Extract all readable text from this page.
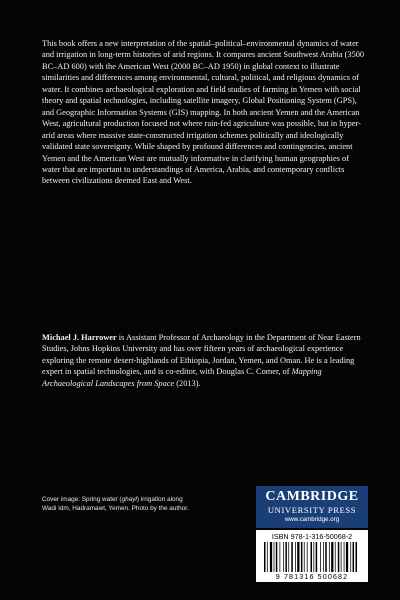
This book offers a new interpretation of the spatial–political–environmental dynamics of water and irrigation in long-term histories of arid regions. It compares ancient Southwest Arabia (3500 BC–AD 600) with the American West (2000 BC–AD 1950) in global context to illustrate similarities and differences among environmental, cultural, political, and religious dynamics of water. It combines archaeological exploration and field studies of farming in Yemen with social theory and spatial technologies, including satellite imagery, Global Positioning System (GPS), and Geographic Information Systems (GIS) mapping. In both ancient Yemen and the American West, agricultural production focused not where rain-fed agriculture was possible, but in hyper-arid areas where massive state-constructed irrigation schemes politically and ideologically validated state sovereignty. While shaped by profound differences and contingencies, ancient Yemen and the American West are mutually informative in clarifying human geographies of water that are important to understandings of America, Arabia, and contemporary conflicts between civilizations deemed East and West.

Michael J. Harrower is Assistant Professor of Archaeology in the Department of Near Eastern Studies, Johns Hopkins University and has over fifteen years of archaeological experience exploring the remote desert-highlands of Ethiopia, Jordan, Yemen, and Oman. He is a leading expert in spatial technologies, and is co-editor, with Douglas C. Comer, of Mapping Archaeological Landscapes from Space (2013).

Cover image: Spring water (ghayl) irrigation along Wadi Idm, Hadramawt, Yemen. Photo by the author.

CAMBRIDGE
UNIVERSITY PRESS
www.cambridge.org
ISBN 978-1-316-50068-2
9 781316 500682
